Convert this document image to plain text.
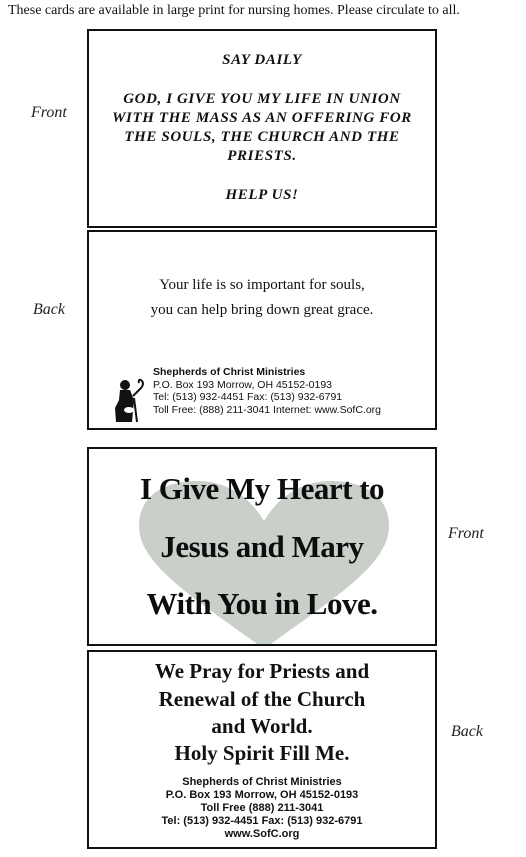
These cards are available in large print for nursing homes. Please circulate to all.
Front
Back
Front
Back
SAY DAILY
GOD, I GIVE YOU MY LIFE IN UNION
WITH THE MASS AS AN OFFERING FOR
THE SOULS, THE CHURCH AND THE
PRIESTS.
HELP US!
Your life is so important for souls,
you can help bring down great grace.
Shepherds of Christ Ministries
P.O. Box 193 Morrow, OH 45152-0193
Tel: (513) 932-4451 Fax: (513) 932-6791
Toll Free: (888) 211-3041 Internet: www.SofC.org
I Give My Heart to
Jesus and Mary
With You in Love.
We Pray for Priests and
Renewal of the Church
and World.
Holy Spirit Fill Me.
Shepherds of Christ Ministries
P.O. Box 193 Morrow, OH 45152-0193
Toll Free (888) 211-3041
Tel: (513) 932-4451 Fax: (513) 932-6791
www.SofC.org
